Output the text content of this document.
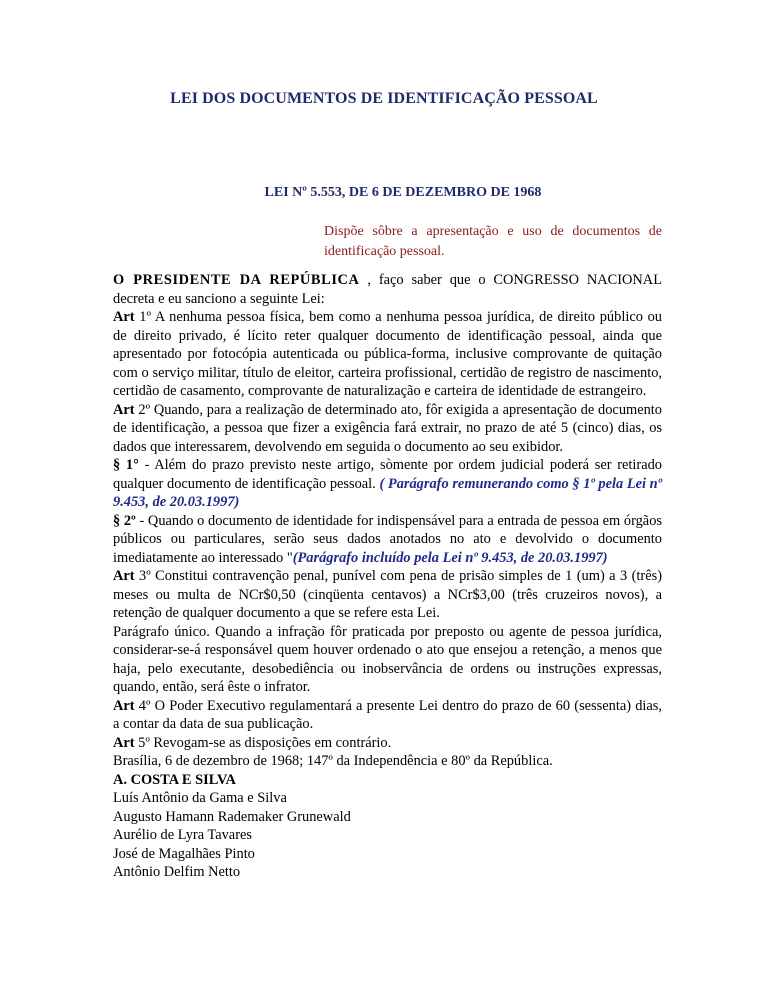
LEI DOS DOCUMENTOS DE IDENTIFICAÇÃO PESSOAL
LEI Nº 5.553, DE 6 DE DEZEMBRO DE 1968
Dispõe sôbre a apresentação e uso de documentos de identificação pessoal.

O PRESIDENTE DA REPÚBLICA , faço saber que o CONGRESSO NACIONAL decreta e eu sanciono a seguinte Lei:

Art 1º A nenhuma pessoa física, bem como a nenhuma pessoa jurídica, de direito público ou de direito privado, é lícito reter qualquer documento de identificação pessoal, ainda que apresentado por fotocópia autenticada ou pública-forma, inclusive comprovante de quitação com o serviço militar, título de eleitor, carteira profissional, certidão de registro de nascimento, certidão de casamento, comprovante de naturalização e carteira de identidade de estrangeiro.

Art 2º Quando, para a realização de determinado ato, fôr exigida a apresentação de documento de identificação, a pessoa que fizer a exigência fará extrair, no prazo de até 5 (cinco) dias, os dados que interessarem, devolvendo em seguida o documento ao seu exibidor.

§ 1° - Além do prazo previsto neste artigo, sòmente por ordem judicial poderá ser retirado qualquer documento de identificação pessoal. ( Parágrafo remunerando como § 1º pela Lei nº 9.453, de 20.03.1997)

§ 2º - Quando o documento de identidade for indispensável para a entrada de pessoa em órgãos públicos ou particulares, serão seus dados anotados no ato e devolvido o documento imediatamente ao interessado "(Parágrafo incluído pela Lei nº 9.453, de 20.03.1997)

Art 3º Constitui contravenção penal, punível com pena de prisão simples de 1 (um) a 3 (três) meses ou multa de NCr$0,50 (cinqüenta centavos) a NCr$3,00 (três cruzeiros novos), a retenção de qualquer documento a que se refere esta Lei.

Parágrafo único. Quando a infração fôr praticada por preposto ou agente de pessoa jurídica, considerar-se-á responsável quem houver ordenado o ato que ensejou a retenção, a menos que haja, pelo executante, desobediência ou inobservância de ordens ou instruções expressas, quando, então, será êste o infrator.

Art 4º O Poder Executivo regulamentará a presente Lei dentro do prazo de 60 (sessenta) dias, a contar da data de sua publicação.

Art 5º Revogam-se as disposições em contrário.

Brasília, 6 de dezembro de 1968; 147º da Independência e 80º da República.

A. COSTA E SILVA

Luís Antônio da Gama e Silva

Augusto Hamann Rademaker Grunewald

Aurélio de Lyra Tavares

José de Magalhães Pinto

Antônio Delfim Netto
